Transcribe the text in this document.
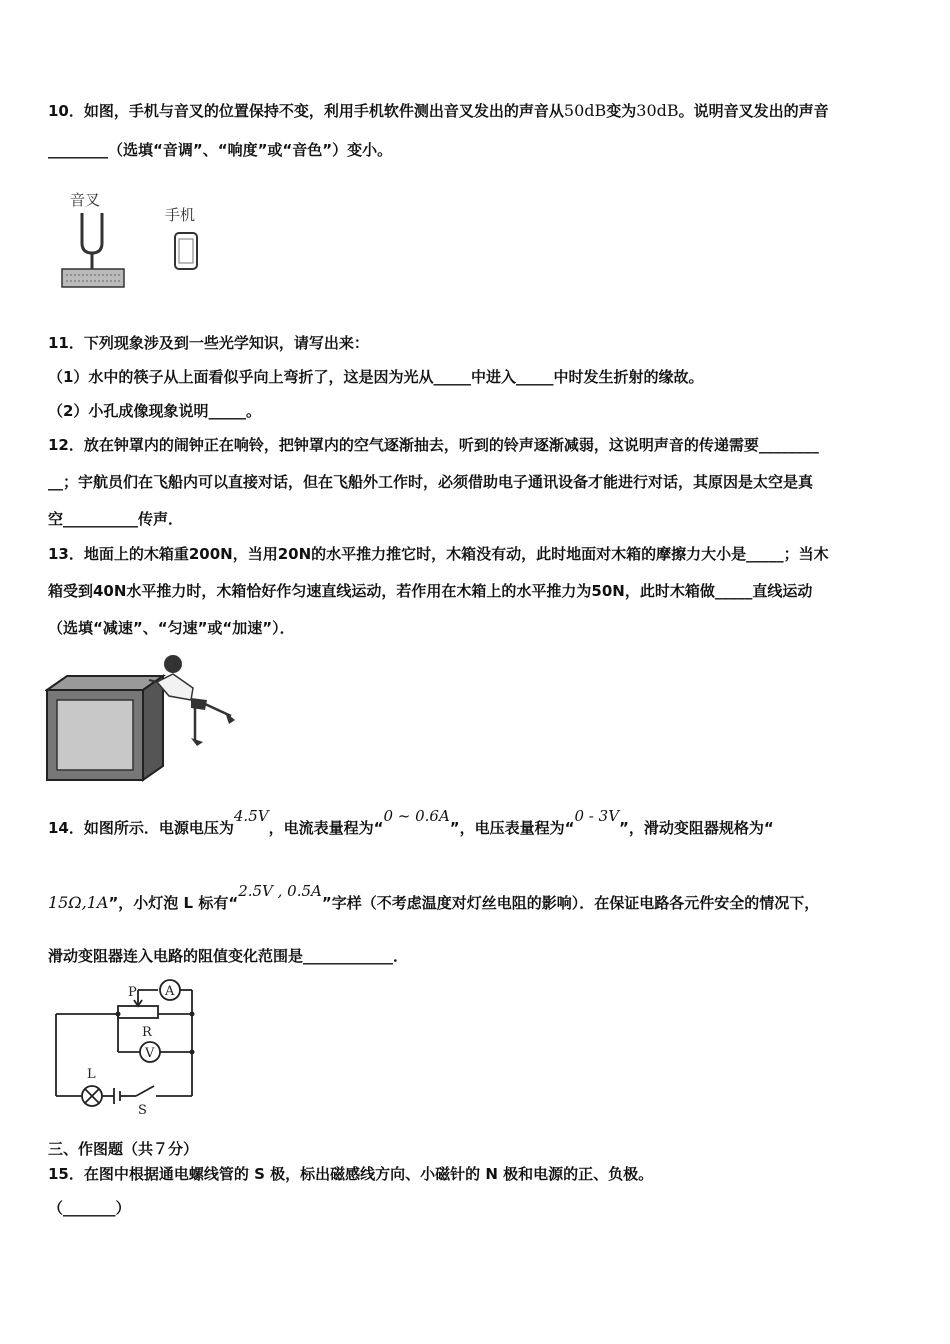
10．如图，手机与音叉的位置保持不变，利用手机软件测出音叉发出的声音从50dB变为30dB。说明音叉发出的声音
________（选填“音调”、“响度”或“音色”）变小。
音叉
手机
11．下列现象涉及到一些光学知识，请写出来：
（1）水中的筷子从上面看似乎向上弯折了，这是因为光从_____中进入_____中时发生折射的缘故。
（2）小孔成像现象说明_____。
12．放在钟罩内的闹钟正在响铃，把钟罩内的空气逐渐抽去，听到的铃声逐渐减弱，这说明声音的传递需要________
__；宇航员们在飞船内可以直接对话，但在飞船外工作时，必须借助电子通讯设备才能进行对话，其原因是太空是真
空__________传声．
13．地面上的木箱重200N，当用20N的水平推力推它时，木箱没有动，此时地面对木箱的摩擦力大小是_____；当木
箱受到40N水平推力时，木箱恰好作匀速直线运动，若作用在木箱上的水平推力为50N，此时木箱做_____直线运动
（选填“减速”、“匀速”或“加速”）．
14．如图所示．电源电压为4.5V，电流表量程为“0 ~ 0.6A”，电压表量程为“0 - 3V”，滑动变阻器规格为“
15Ω,1A”，小灯泡 L 标有“2.5V , 0.5A”字样（不考虑温度对灯丝电阻的影响）．在保证电路各元件安全的情况下，
滑动变阻器连入电路的阻值变化范围是____________．
P A
R
V
L
S
三、作图题（共７分）
15．在图中根据通电螺线管的 S 极，标出磁感线方向、小磁针的 N 极和电源的正、负极。
（_______）
